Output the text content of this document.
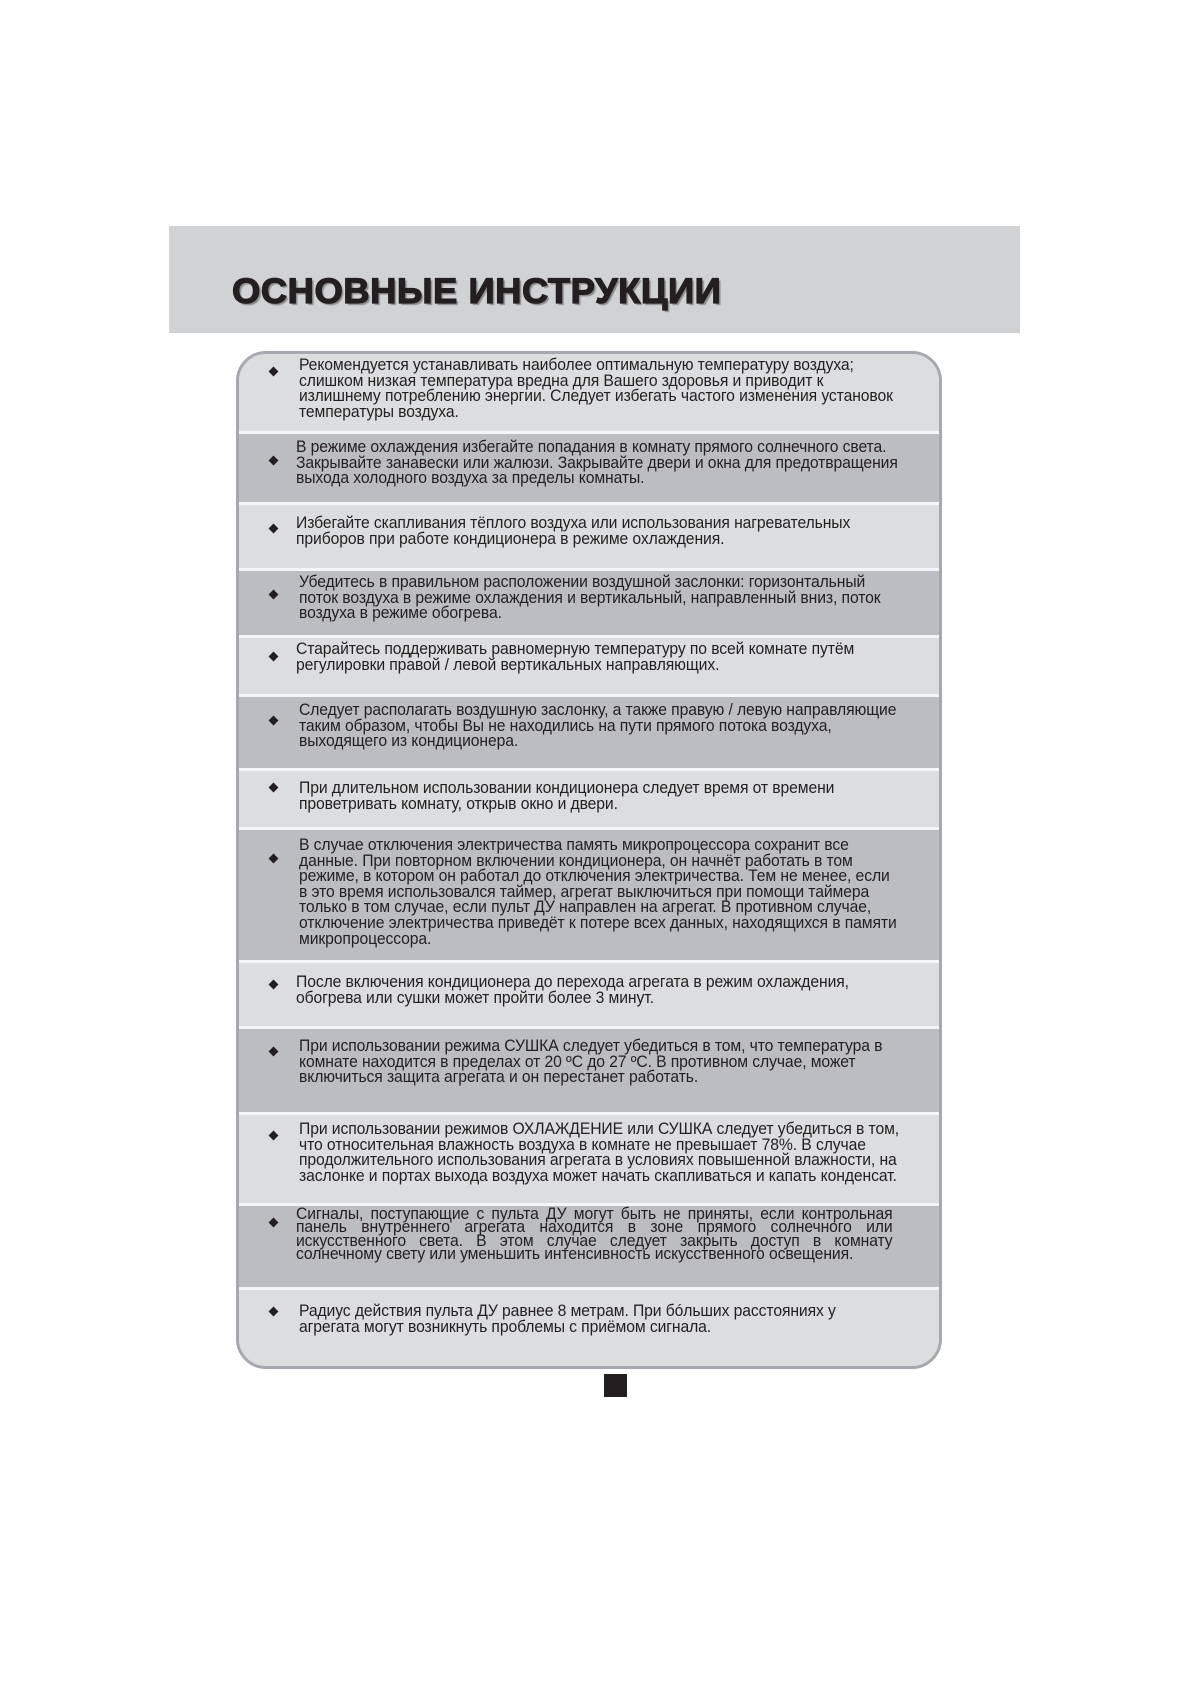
ОСНОВНЫЕ ИНСТРУКЦИИ
Рекомендуется устанавливать наиболее оптимальную температуру воздуха; слишком низкая температура вредна для Вашего здоровья и приводит к излишнему потреблению энергии. Следует избегать частого изменения установок температуры воздуха.
В режиме охлаждения избегайте попадания в комнату прямого солнечного света. Закрывайте занавески или жалюзи. Закрывайте двери и окна для предотвращения выхода холодного воздуха за пределы комнаты.
Избегайте скапливания тёплого воздуха или использования нагревательных приборов при работе кондиционера в режиме охлаждения.
Убедитесь в правильном расположении воздушной заслонки: горизонтальный поток воздуха в режиме охлаждения и вертикальный, направленный вниз, поток воздуха в режиме обогрева.
Старайтесь поддерживать равномерную температуру по всей комнате путём регулировки правой / левой вертикальных направляющих.
Следует располагать воздушную заслонку, а также правую / левую направляющие таким образом, чтобы Вы не находились на пути прямого потока воздуха, выходящего из кондиционера.
При длительном использовании кондиционера следует время от времени проветривать комнату, открыв окно и двери.
В случае отключения электричества память микропроцессора сохранит все данные. При повторном включении кондиционера, он начнёт работать в том режиме, в котором он работал до отключения электричества. Тем не менее, если в это время использовался таймер, агрегат выключиться при помощи таймера только в том случае, если пульт ДУ направлен на агрегат. В противном случае, отключение электричества приведёт к потере всех данных, находящихся в памяти микропроцессора.
После включения кондиционера до перехода агрегата в режим охлаждения, обогрева или сушки может пройти более 3 минут.
При использовании режима СУШКА следует убедиться в том, что температура в комнате находится в пределах от 20 ºС до 27 ºС. В противном случае, может включиться защита агрегата и он перестанет работать.
При использовании режимов ОХЛАЖДЕНИЕ или СУШКА следует убедиться в том, что относительная влажность воздуха в комнате не превышает 78%. В случае продолжительного использования агрегата в условиях повышенной влажности, на заслонке и портах выхода воздуха может начать скапливаться и капать конденсат.
Сигналы, поступающие с пульта ДУ могут быть не приняты, если контрольная панель внутреннего агрегата находится в зоне прямого солнечного или искусственного света. В этом случае следует закрыть доступ в комнату солнечному свету или уменьшить интенсивность искусственного освещения.
Радиус действия пульта ДУ равнее 8 метрам. При бóльших расстояниях у агрегата могут возникнуть проблемы с приёмом сигнала.
